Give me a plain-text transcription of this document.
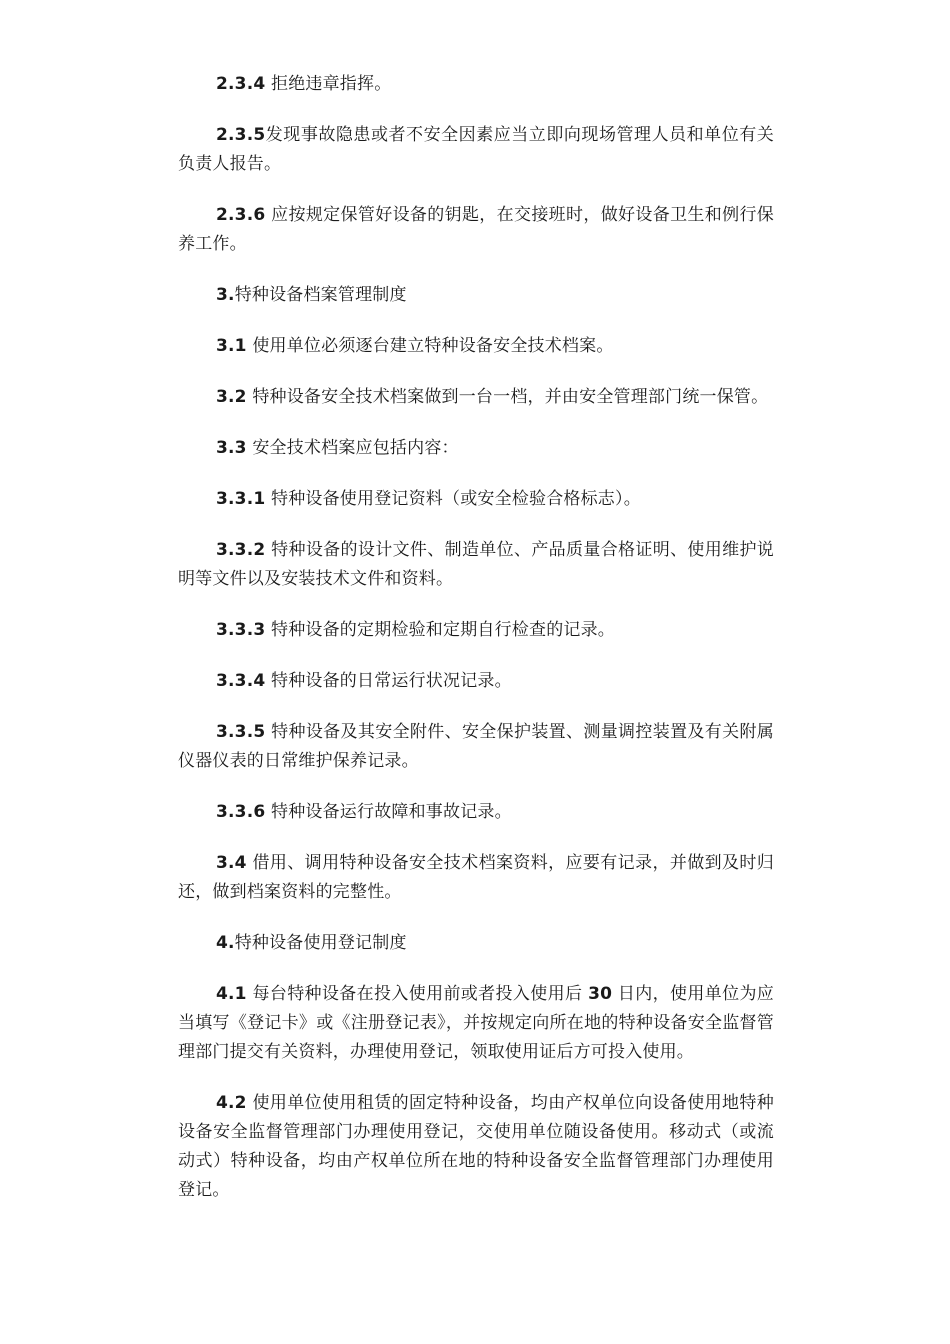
2.3.4 拒绝违章指挥。

2.3.5发现事故隐患或者不安全因素应当立即向现场管理人员和单位有关负责人报告。

2.3.6 应按规定保管好设备的钥匙，在交接班时，做好设备卫生和例行保养工作。

3.特种设备档案管理制度

3.1 使用单位必须逐台建立特种设备安全技术档案。

3.2 特种设备安全技术档案做到一台一档，并由安全管理部门统一保管。

3.3 安全技术档案应包括内容：

3.3.1 特种设备使用登记资料（或安全检验合格标志）。

3.3.2 特种设备的设计文件、制造单位、产品质量合格证明、使用维护说明等文件以及安装技术文件和资料。

3.3.3 特种设备的定期检验和定期自行检查的记录。

3.3.4 特种设备的日常运行状况记录。

3.3.5 特种设备及其安全附件、安全保护装置、测量调控装置及有关附属仪器仪表的日常维护保养记录。

3.3.6 特种设备运行故障和事故记录。

3.4 借用、调用特种设备安全技术档案资料，应要有记录，并做到及时归还，做到档案资料的完整性。

4.特种设备使用登记制度

4.1 每台特种设备在投入使用前或者投入使用后 30 日内，使用单位为应当填写《登记卡》或《注册登记表》，并按规定向所在地的特种设备安全监督管理部门提交有关资料，办理使用登记，领取使用证后方可投入使用。

4.2 使用单位使用租赁的固定特种设备，均由产权单位向设备使用地特种设备安全监督管理部门办理使用登记，交使用单位随设备使用。移动式（或流动式）特种设备，均由产权单位所在地的特种设备安全监督管理部门办理使用登记。
